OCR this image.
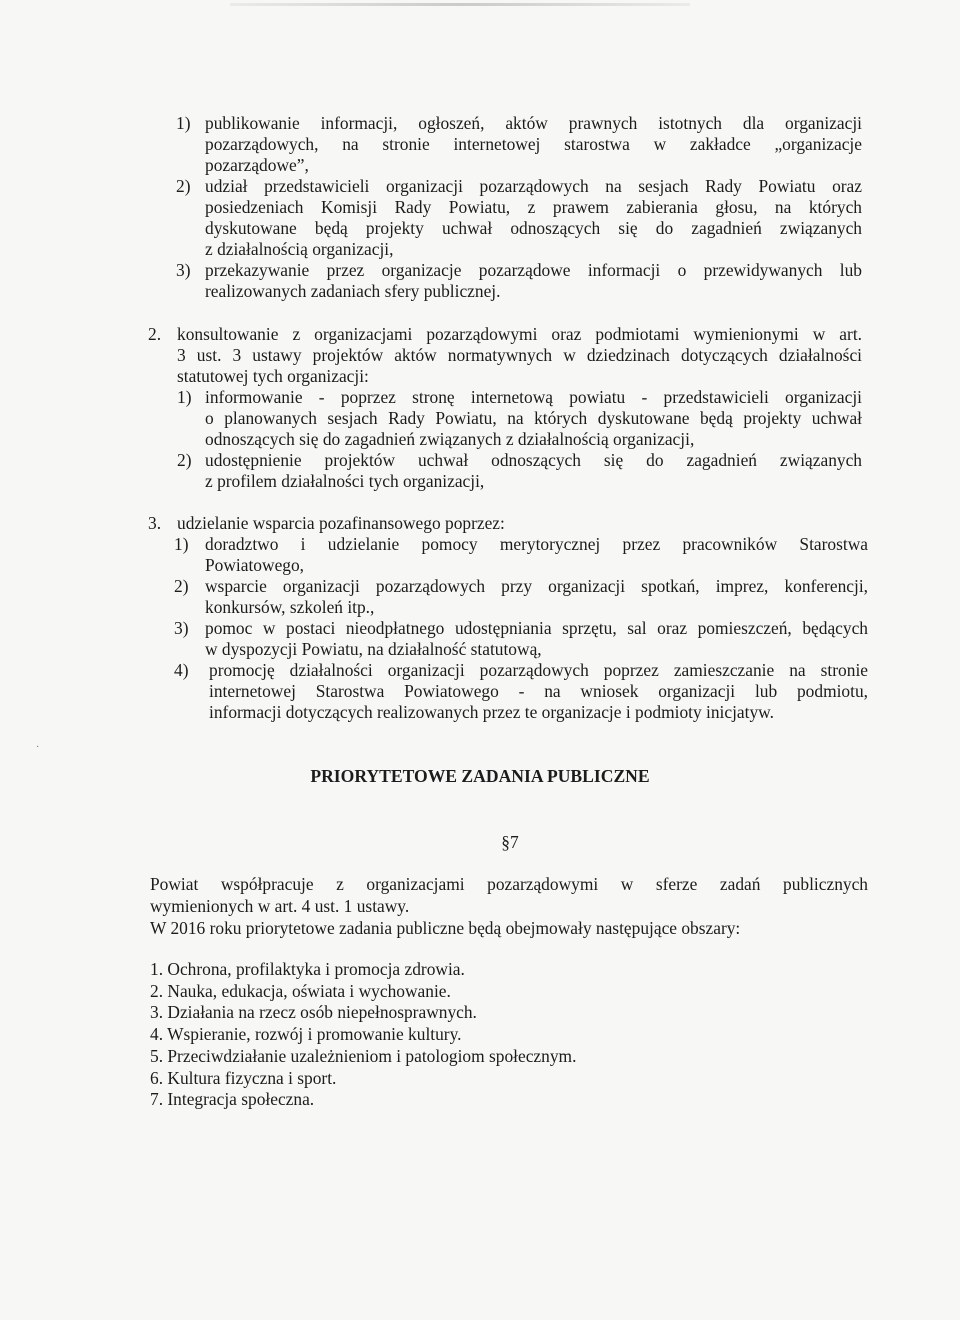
1) publikowanie informacji, ogłoszeń, aktów prawnych istotnych dla organizacji
pozarządowych, na stronie internetowej starostwa w zakładce „organizacje
pozarządowe”,
2) udział przedstawicieli organizacji pozarządowych na sesjach Rady Powiatu oraz
posiedzeniach Komisji Rady Powiatu, z prawem zabierania głosu, na których
dyskutowane będą projekty uchwał odnoszących się do zagadnień związanych
z działalnością organizacji,
3) przekazywanie przez organizacje pozarządowe informacji o przewidywanych lub
realizowanych zadaniach sfery publicznej.
2. konsultowanie z organizacjami pozarządowymi oraz podmiotami wymienionymi w art.
3 ust. 3 ustawy projektów aktów normatywnych w dziedzinach dotyczących działalności
statutowej tych organizacji:
1) informowanie - poprzez stronę internetową powiatu - przedstawicieli organizacji
o planowanych sesjach Rady Powiatu, na których dyskutowane będą projekty uchwał
odnoszących się do zagadnień związanych z działalnością organizacji,
2) udostępnienie projektów uchwał odnoszących się do zagadnień związanych
z profilem działalności tych organizacji,
3. udzielanie wsparcia pozafinansowego poprzez:
1) doradztwo i udzielanie pomocy merytorycznej przez pracowników Starostwa
Powiatowego,
2) wsparcie organizacji pozarządowych przy organizacji spotkań, imprez, konferencji,
konkursów, szkoleń itp.,
3) pomoc w postaci nieodpłatnego udostępniania sprzętu, sal oraz pomieszczeń, będących
w dyspozycji Powiatu, na działalność statutową,
4) promocję działalności organizacji pozarządowych poprzez zamieszczanie na stronie
internetowej Starostwa Powiatowego - na wniosek organizacji lub podmiotu,
informacji dotyczących realizowanych przez te organizacje i podmioty inicjatyw.
·
PRIORYTETOWE ZADANIA PUBLICZNE
§7
Powiat współpracuje z organizacjami pozarządowymi w sferze zadań publicznych
wymienionych w art. 4 ust. 1 ustawy.
W 2016 roku priorytetowe zadania publiczne będą obejmowały następujące obszary:
1. Ochrona, profilaktyka i promocja zdrowia.
2. Nauka, edukacja, oświata i wychowanie.
3. Działania na rzecz osób niepełnosprawnych.
4. Wspieranie, rozwój i promowanie kultury.
5. Przeciwdziałanie uzależnieniom i patologiom społecznym.
6. Kultura fizyczna i sport.
7. Integracja społeczna.
